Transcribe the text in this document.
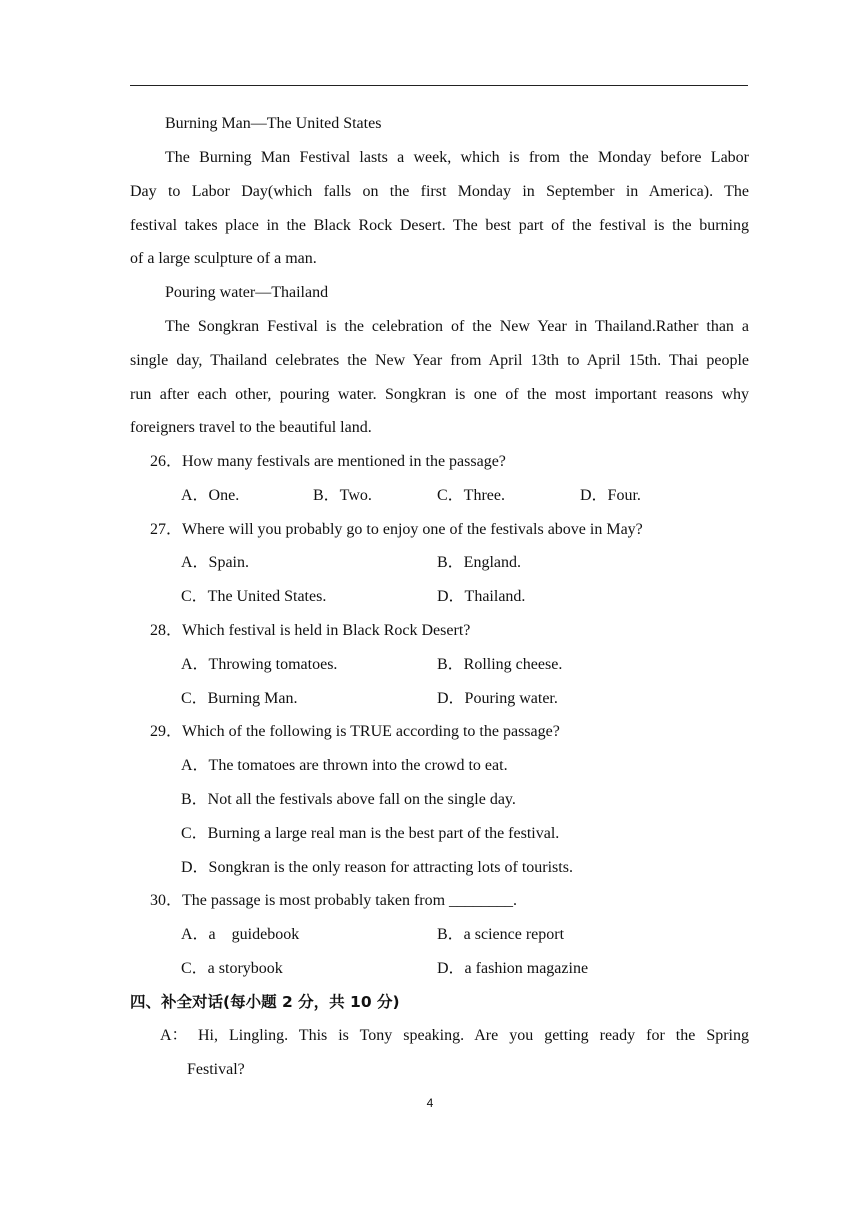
Burning Man—The United States
The Burning Man Festival lasts a week, which is from the Monday before Labor
Day to Labor Day(which falls on the first Monday in September in America). The
festival takes place in the Black Rock Desert. The best part of the festival is the burning
of a large sculpture of a man.
Pouring water—Thailand
The Songkran Festival is the celebration of the New Year in Thailand.Rather than a
single day, Thailand celebrates the New Year from April 13th to April 15th. Thai people
run after each other, pouring water. Songkran is one of the most important reasons why
foreigners travel to the beautiful land.
26．How many festivals are mentioned in the passage?
A．One.	B．Two.	C．Three.	D．Four.
27．Where will you probably go to enjoy one of the festivals above in May?
A．Spain.	B．England.
C．The United States.	D．Thailand.
28．Which festival is held in Black Rock Desert?
A．Throwing tomatoes.	B．Rolling cheese.
C．Burning Man.	D．Pouring water.
29．Which of the following is TRUE according to the passage?
A．The tomatoes are thrown into the crowd to eat.
B．Not all the festivals above fall on the single day.
C．Burning a large real man is the best part of the festival.
D．Songkran is the only reason for attracting lots of tourists.
30．The passage is most probably taken from ________.
A．a　guidebook	B．a science report
C．a storybook	D．a fashion magazine
四、补全对话(每小题 2 分，共 10 分)
A： Hi, Lingling. This is Tony speaking. Are you getting ready for the Spring
Festival?
4
